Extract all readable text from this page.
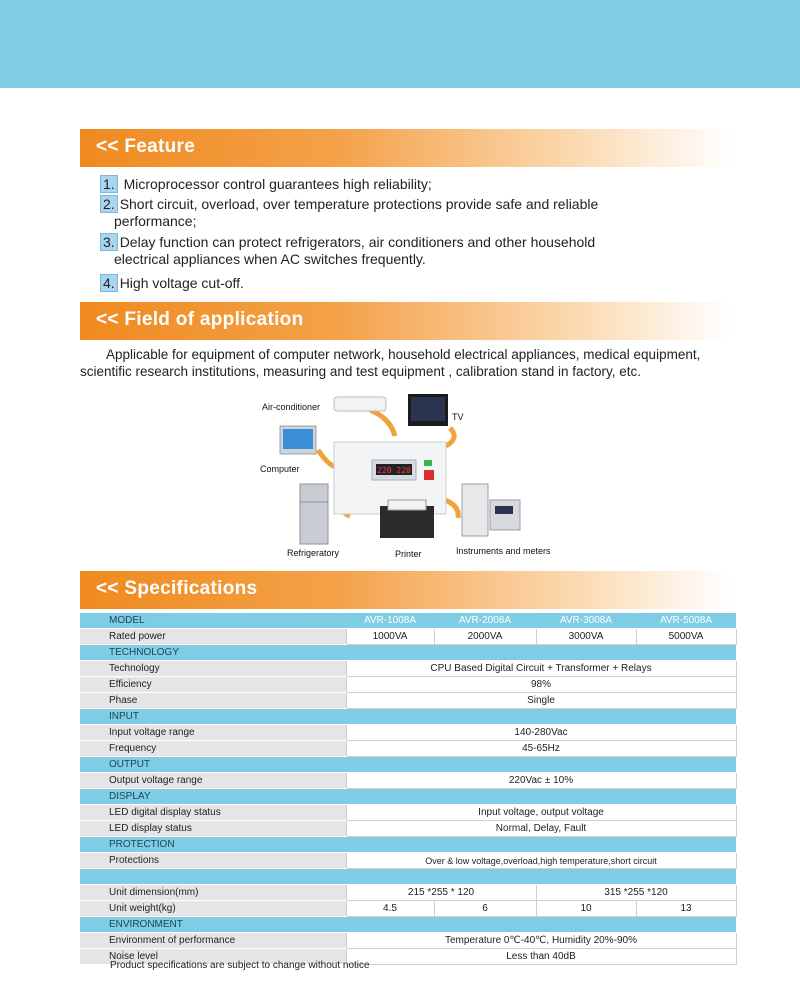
<< Feature
1. Microprocessor control guarantees high reliability;
2. Short circuit, overload, over temperature protections provide safe and reliable
performance;
3. Delay function can protect refrigerators, air conditioners and other household
electrical appliances when AC switches frequently.
4. High voltage cut-off.
<< Field of application
Applicable for equipment of computer network, household electrical appliances, medical equipment, scientific research institutions, measuring and test equipment , calibration stand in factory, etc.
220 220
Air-conditioner
TV
Computer
Refrigeratory	Printer	Instruments and meters
<< Specifications
MODEL	AVR-1008A	AVR-2008A	AVR-3008A	AVR-5008A
Rated power	1000VA	2000VA	3000VA	5000VA
TECHNOLOGY				
Technology	CPU Based Digital Circuit + Transformer + Relays			
Efficiency	98%			
Phase	Single			
INPUT				
Input voltage range	140-280Vac			
Frequency	45-65Hz			
OUTPUT				
Output voltage range	220Vac ± 10%			
DISPLAY				
LED digital display status	Input voltage, output voltage			
LED display status	Normal, Delay, Fault			
PROTECTION				
Protections	Over & low voltage,overload,high temperature,short circuit			

Unit dimension(mm)	215 *255 * 120		315 *255 *120	
Unit weight(kg)	4.5	6	10	13
ENVIRONMENT				
Environment of performance	Temperature 0℃-40℃, Humidity 20%-90%			
Noise level	Less than 40dB			
Product specifications are subject to change without notice
